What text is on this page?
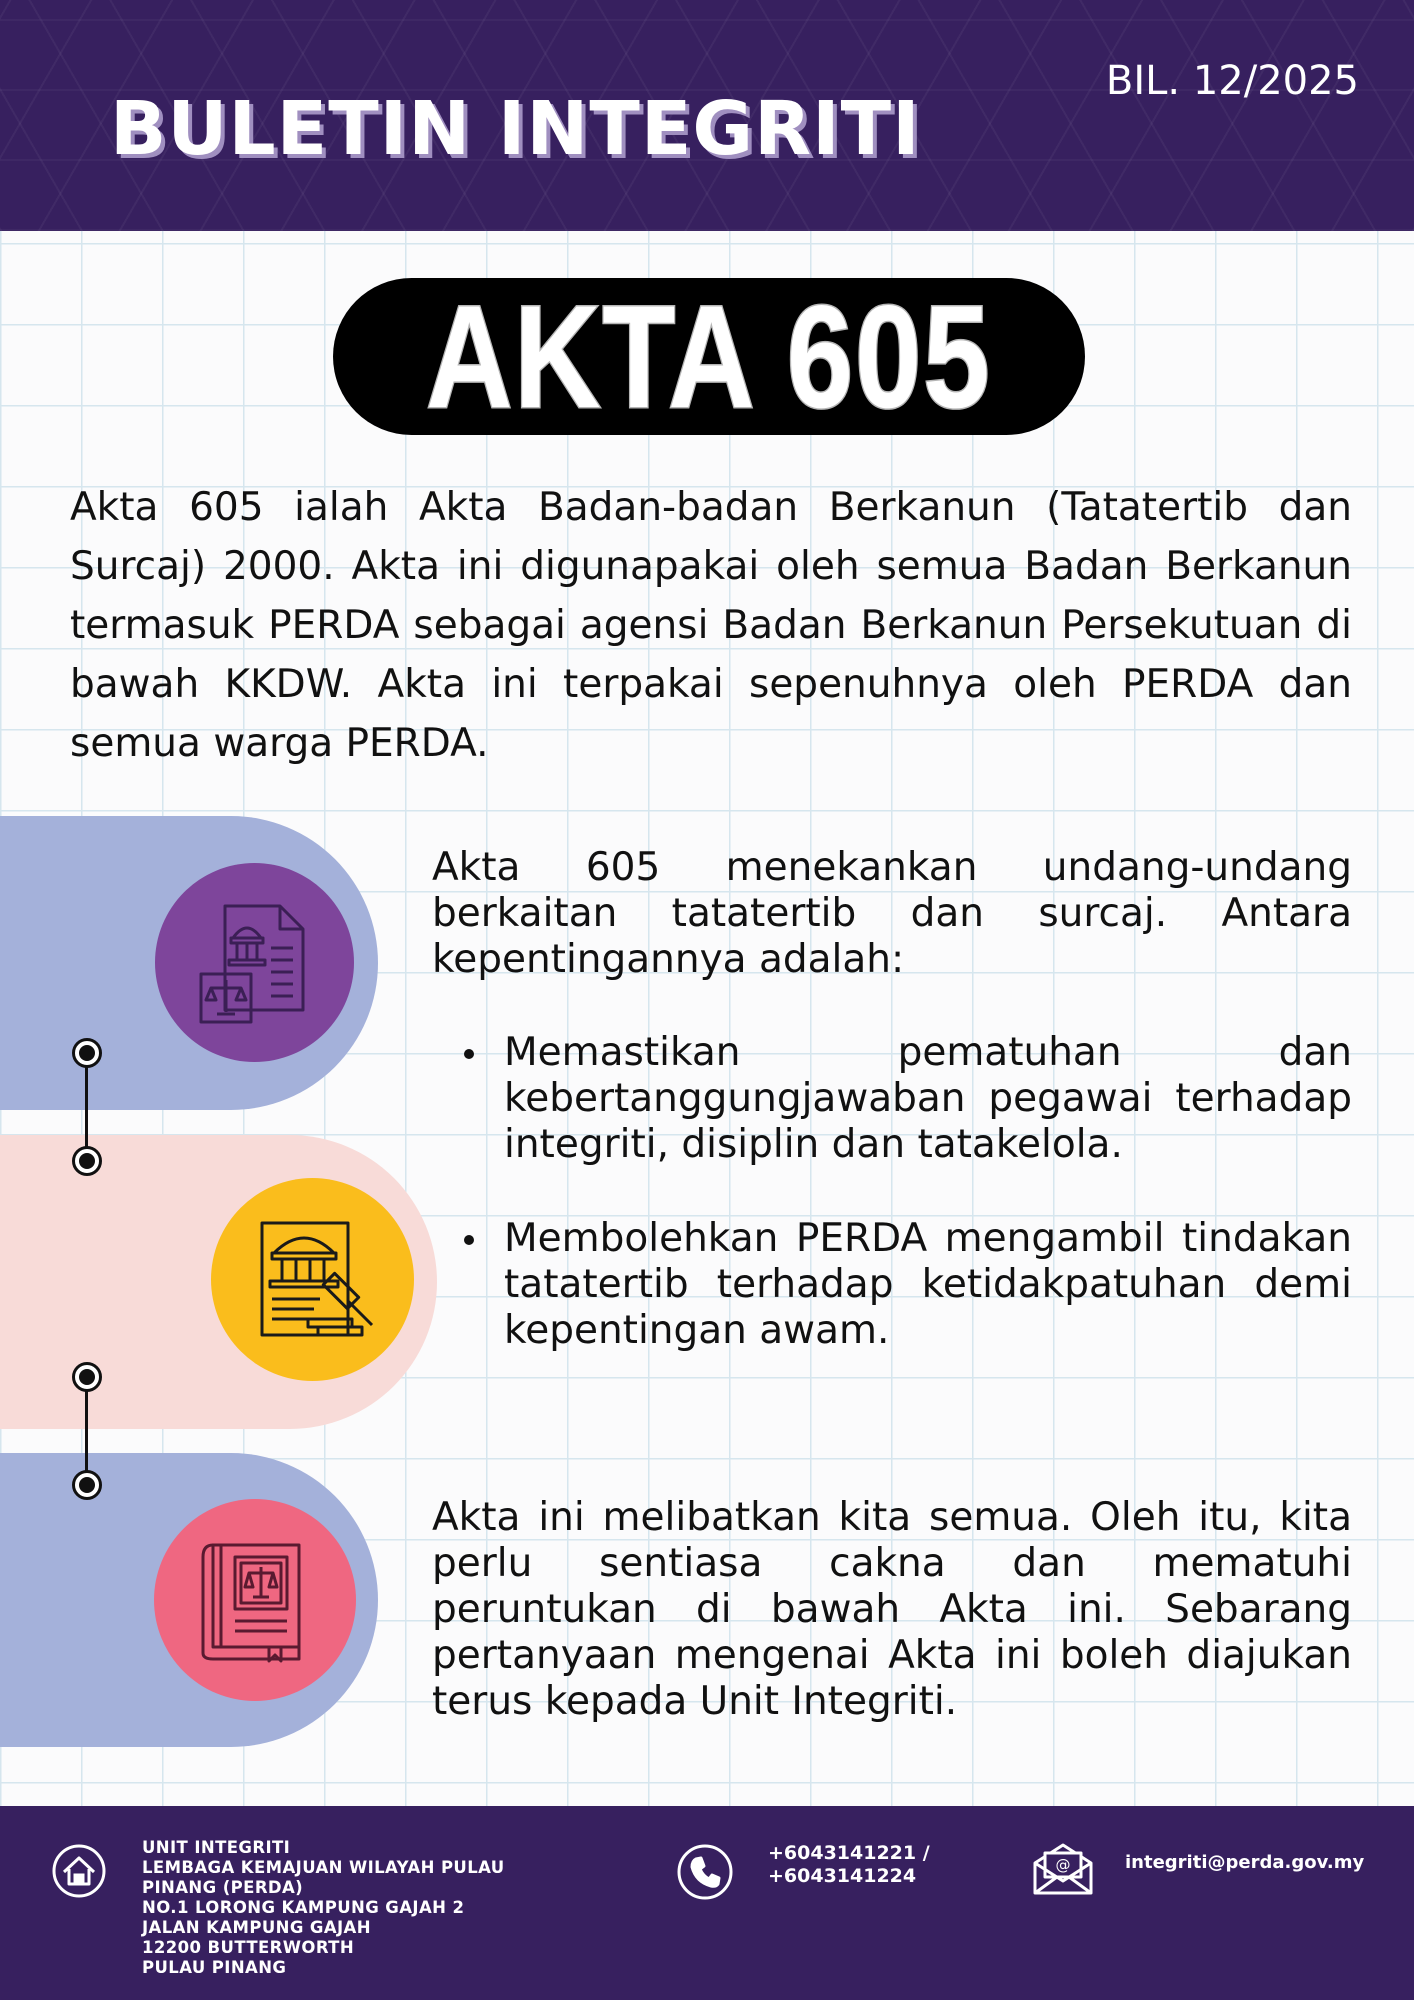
BULETIN INTEGRITI
BIL. 12/2025
AKTA 605

Akta 605 ialah Akta Badan-badan Berkanun (Tatatertib dan Surcaj) 2000. Akta ini digunapakai oleh semua Badan Berkanun termasuk PERDA sebagai agensi Badan Berkanun Persekutuan di bawah KKDW. Akta ini terpakai sepenuhnya oleh PERDA dan semua warga PERDA.

Akta 605 menekankan undang-undang berkaitan tatatertib dan surcaj. Antara kepentingannya adalah:

Memastikan pematuhan dan kebertanggungjawaban pegawai terhadap integriti, disiplin dan tatakelola.
Membolehkan PERDA mengambil tindakan tatatertib terhadap ketidakpatuhan demi kepentingan awam.

Akta ini melibatkan kita semua. Oleh itu, kita perlu sentiasa cakna dan mematuhi peruntukan di bawah Akta ini. Sebarang pertanyaan mengenai Akta ini boleh diajukan terus kepada Unit Integriti.

UNIT INTEGRITI
LEMBAGA KEMAJUAN WILAYAH PULAU
PINANG (PERDA)
NO.1 LORONG KAMPUNG GAJAH 2
JALAN KAMPUNG GAJAH
12200 BUTTERWORTH
PULAU PINANG
+6043141221 /
+6043141224	@	integriti@perda.gov.my
